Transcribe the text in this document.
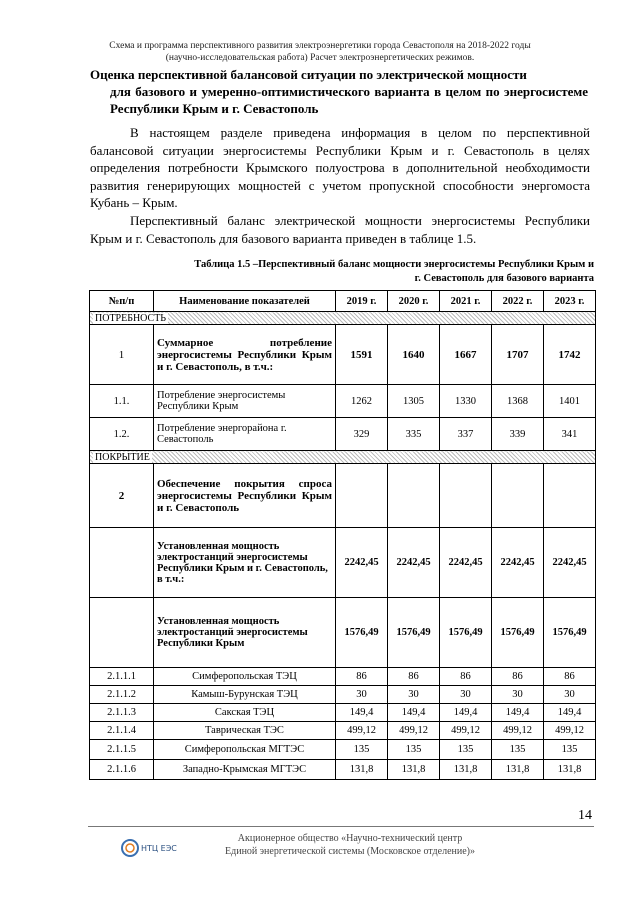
Схема и программа перспективного развития электроэнергетики города Севастополя на 2018-2022 годы
(научно-исследовательская работа) Расчет электроэнергетических режимов.
Оценка перспективной балансовой ситуации по электрической мощности
для базового и умеренно-оптимистического варианта в целом по энергосистеме Республики Крым и г. Севастополь
В настоящем разделе приведена информация в целом по перспективной балансовой ситуации энергосистемы Республики Крым и г. Севастополь в целях определения потребности Крымского полуострова в дополнительной необходимости развития генерирующих мощностей с учетом пропускной способности энергомоста Кубань – Крым.
Перспективный баланс электрической мощности энергосистемы Республики Крым и г. Севастополь для базового варианта приведен в таблице 1.5.
Таблица 1.5 –Перспективный баланс мощности энергосистемы Республики Крым и
г. Севастополь для базового варианта
№п/п	Наименование показателей	2019 г.	2020 г.	2021 г.	2022 г.	2023 г.
ПОТРЕБНОСТЬ						
1	Суммарное потребление энергосистемы Республики Крым и г. Севастополь, в т.ч.:	1591	1640	1667	1707	1742
1.1.	Потребление энергосистемы Республики Крым	1262	1305	1330	1368	1401
1.2.	Потребление энергорайона г. Севастополь	329	335	337	339	341
ПОКРЫТИЕ						
2	Обеспечение покрытия спроса энергосистемы Республики Крым и г. Севастополь					
	Установленная мощность электростанций энергосистемы Республики Крым и г. Севастополь, в т.ч.:	2242,45	2242,45	2242,45	2242,45	2242,45
	Установленная мощность электростанций энергосистемы Республики Крым	1576,49	1576,49	1576,49	1576,49	1576,49
2.1.1.1	Симферопольская ТЭЦ	86	86	86	86	86
2.1.1.2	Камыш-Бурунская ТЭЦ	30	30	30	30	30
2.1.1.3	Сакская ТЭЦ	149,4	149,4	149,4	149,4	149,4
2.1.1.4	Таврическая ТЭС	499,12	499,12	499,12	499,12	499,12
2.1.1.5	Симферопольская МГТЭС	135	135	135	135	135
2.1.1.6	Западно-Крымская МГТЭС	131,8	131,8	131,8	131,8	131,8
14
НТЦ ЕЭС
Акционерное общество «Научно-технический центр
Единой энергетической системы (Московское отделение)»
